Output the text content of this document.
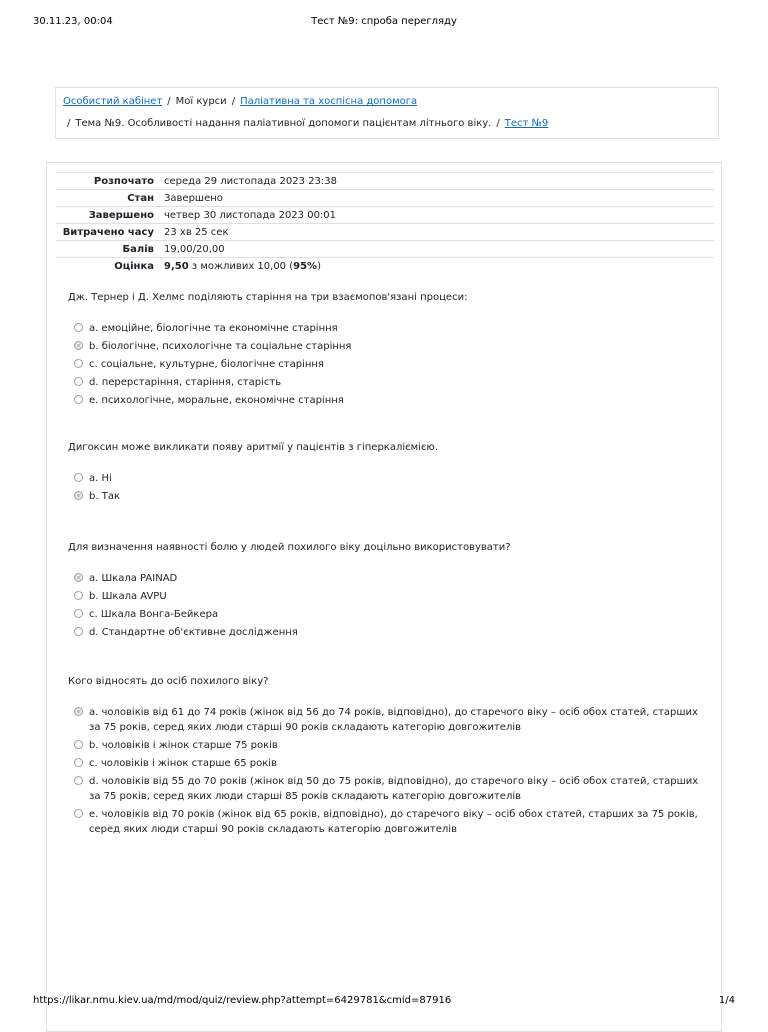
30.11.23, 00:04	Тест №9: спроба перегляду
Особистий кабінет / Мої курси / Паліативна та хоспісна допомога
/ Тема №9. Особливості надання паліативної допомоги пацієнтам літнього віку. / Тест №9
Розпочато	середа 29 листопада 2023 23:38
Стан	Завершено
Завершено	четвер 30 листопада 2023 00:01
Витрачено часу	23 хв 25 сек
Балів	19,00/20,00
Оцінка	9,50 з можливих 10,00 (95%)

Дж. Тернер і Д. Хелмс поділяють старіння на три взаємопов'язані процеси:

a. емоційне, біологічне та економічне старіння
b. біологічне, психологічне та соціальне старіння
c. соціальне, культурне, біологічне старіння
d. перерстаріння, старіння, старість
e. психологічне, моральне, економічне старіння

Дигоксин може викликати появу аритмії у пацієнтів з гіперкаліємією.

a. Ні
b. Так

Для визначення наявності болю у людей похилого віку доцільно використовувати?

a. Шкала PAINAD
b. Шкала AVPU
c. Шкала Вонга-Бейкера
d. Стандартне об'єктивне дослідження

Кого відносять до осіб похилого віку?

a. чоловіків від 61 до 74 років (жінок від 56 до 74 років, відповідно), до старечого віку – осіб обох статей, старших за 75 років, серед яких люди старші 90 років складають категорію довгожителів
b. чоловіків і жінок старше 75 років
c. чоловіків і жінок старше 65 років
d. чоловіків від 55 до 70 років (жінок від 50 до 75 років, відповідно), до старечого віку – осіб обох статей, старших за 75 років, серед яких люди старші 85 років складають категорію довгожителів
e. чоловіків від 70 років (жінок від 65 років, відповідно), до старечого віку – осіб обох статей, старших за 75 років, серед яких люди старші 90 років складають категорію довгожителів
https://likar.nmu.kiev.ua/md/mod/quiz/review.php?attempt=6429781&cmid=87916	1/4
